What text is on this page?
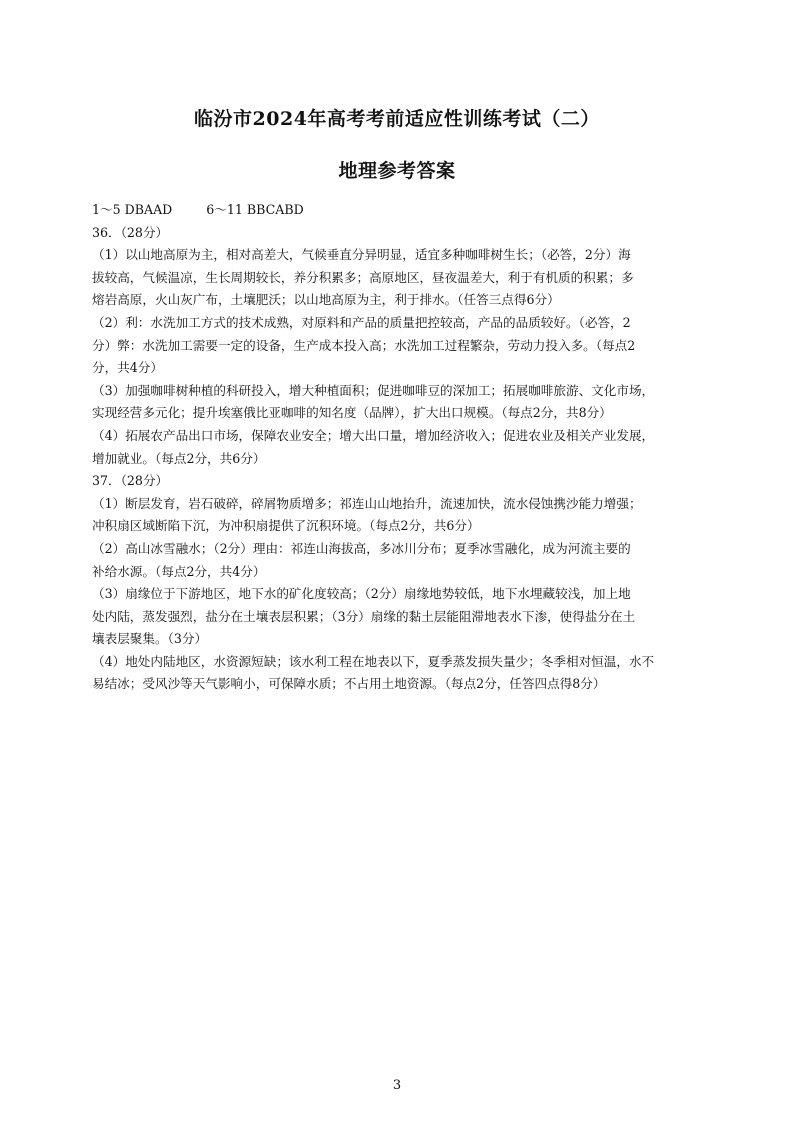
临汾市2024年高考考前适应性训练考试（二）
地理参考答案
1～5 DBAAD	6～11 BBCABD
36．（28分）
（1）以山地高原为主，相对高差大，气候垂直分异明显，适宜多种咖啡树生长；（必答，2分）海
拔较高，气候温凉，生长周期较长，养分积累多；高原地区，昼夜温差大，利于有机质的积累；多
熔岩高原，火山灰广布，土壤肥沃；以山地高原为主，利于排水。（任答三点得6分）
（2）利：水洗加工方式的技术成熟，对原料和产品的质量把控较高，产品的品质较好。（必答，2
分）弊：水洗加工需要一定的设备，生产成本投入高；水洗加工过程繁杂，劳动力投入多。（每点2
分，共4分）
（3）加强咖啡树种植的科研投入，增大种植面积；促进咖啡豆的深加工；拓展咖啡旅游、文化市场，
实现经营多元化；提升埃塞俄比亚咖啡的知名度（品牌），扩大出口规模。（每点2分，共8分）
（4）拓展农产品出口市场，保障农业安全；增大出口量，增加经济收入；促进农业及相关产业发展，
增加就业。（每点2分，共6分）
37．（28分）
（1）断层发育，岩石破碎，碎屑物质增多；祁连山山地抬升，流速加快，流水侵蚀携沙能力增强；
冲积扇区域断陷下沉，为冲积扇提供了沉积环境。（每点2分，共6分）
（2）高山冰雪融水；（2分）理由：祁连山海拔高，多冰川分布；夏季冰雪融化，成为河流主要的
补给水源。（每点2分，共4分）
（3）扇缘位于下游地区，地下水的矿化度较高；（2分）扇缘地势较低，地下水埋藏较浅，加上地
处内陆，蒸发强烈，盐分在土壤表层积累；（3分）扇缘的黏土层能阻滞地表水下渗，使得盐分在土
壤表层聚集。（3分）
（4）地处内陆地区，水资源短缺；该水利工程在地表以下，夏季蒸发损失量少；冬季相对恒温，水不
易结冰；受风沙等天气影响小，可保障水质；不占用土地资源。（每点2分，任答四点得8分）
3
